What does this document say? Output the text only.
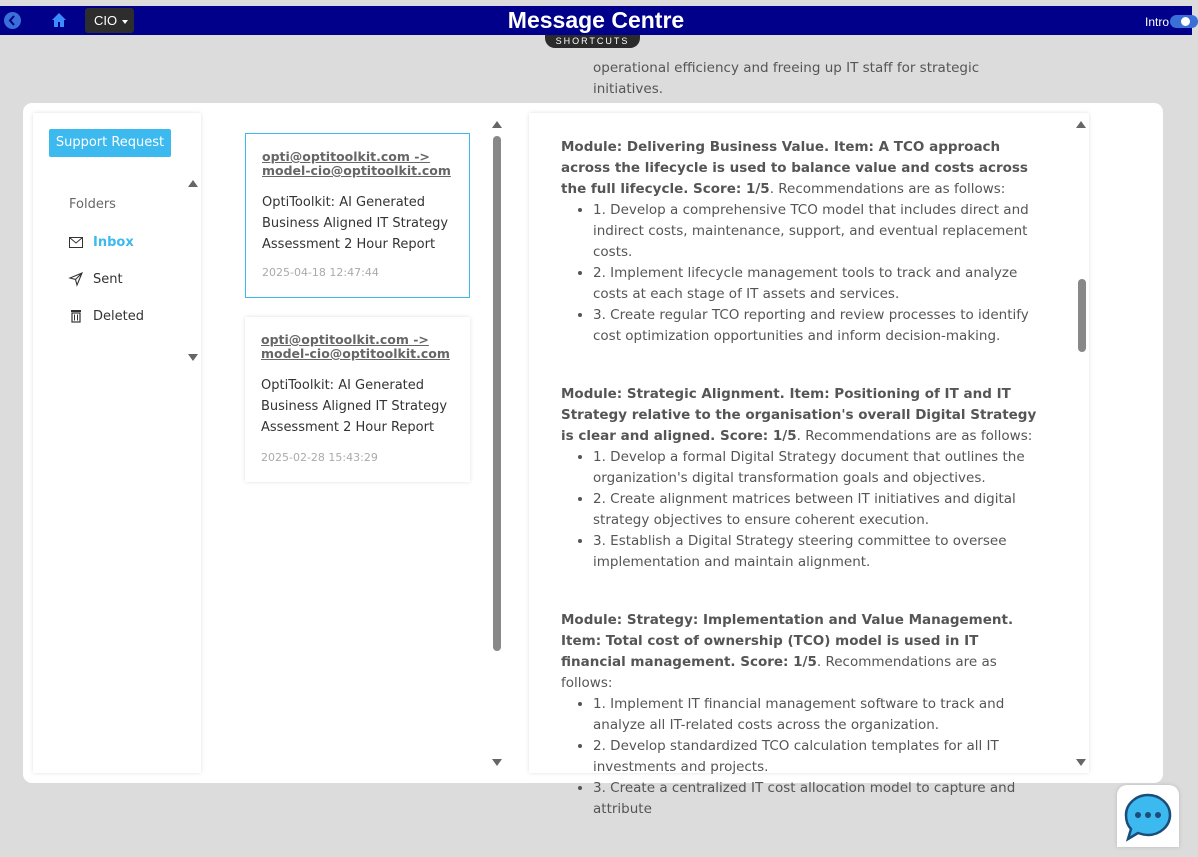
CIO	Message Centre	Intro
SHORTCUTS
Support Request
Folders
Inbox
Sent
Deleted
opti@optitoolkit.com ->
model-cio@optitoolkit.com
OptiToolkit: AI Generated Business Aligned IT Strategy Assessment 2 Hour Report
2025-04-18 12:47:44
opti@optitoolkit.com ->
model-cio@optitoolkit.com
OptiToolkit: AI Generated Business Aligned IT Strategy Assessment 2 Hour Report
2025-02-28 15:43:29
operational efficiency and freeing up IT staff for strategic initiatives.

Module: Delivering Business Value. Item: A TCO approach across the lifecycle is used to balance value and costs across the full lifecycle. Score: 1/5. Recommendations are as follows:

• 1. Develop a comprehensive TCO model that includes direct and indirect costs, maintenance, support, and eventual replacement costs.
• 2. Implement lifecycle management tools to track and analyze costs at each stage of IT assets and services.
• 3. Create regular TCO reporting and review processes to identify cost optimization opportunities and inform decision-making.

Module: Strategic Alignment. Item: Positioning of IT and IT Strategy relative to the organisation's overall Digital Strategy is clear and aligned. Score: 1/5. Recommendations are as follows:

• 1. Develop a formal Digital Strategy document that outlines the organization's digital transformation goals and objectives.
• 2. Create alignment matrices between IT initiatives and digital strategy objectives to ensure coherent execution.
• 3. Establish a Digital Strategy steering committee to oversee implementation and maintain alignment.

Module: Strategy: Implementation and Value Management. Item: Total cost of ownership (TCO) model is used in IT financial management. Score: 1/5. Recommendations are as follows:

• 1. Implement IT financial management software to track and analyze all IT-related costs across the organization.
• 2. Develop standardized TCO calculation templates for all IT investments and projects.
• 3. Create a centralized IT cost allocation model to capture and attribute
